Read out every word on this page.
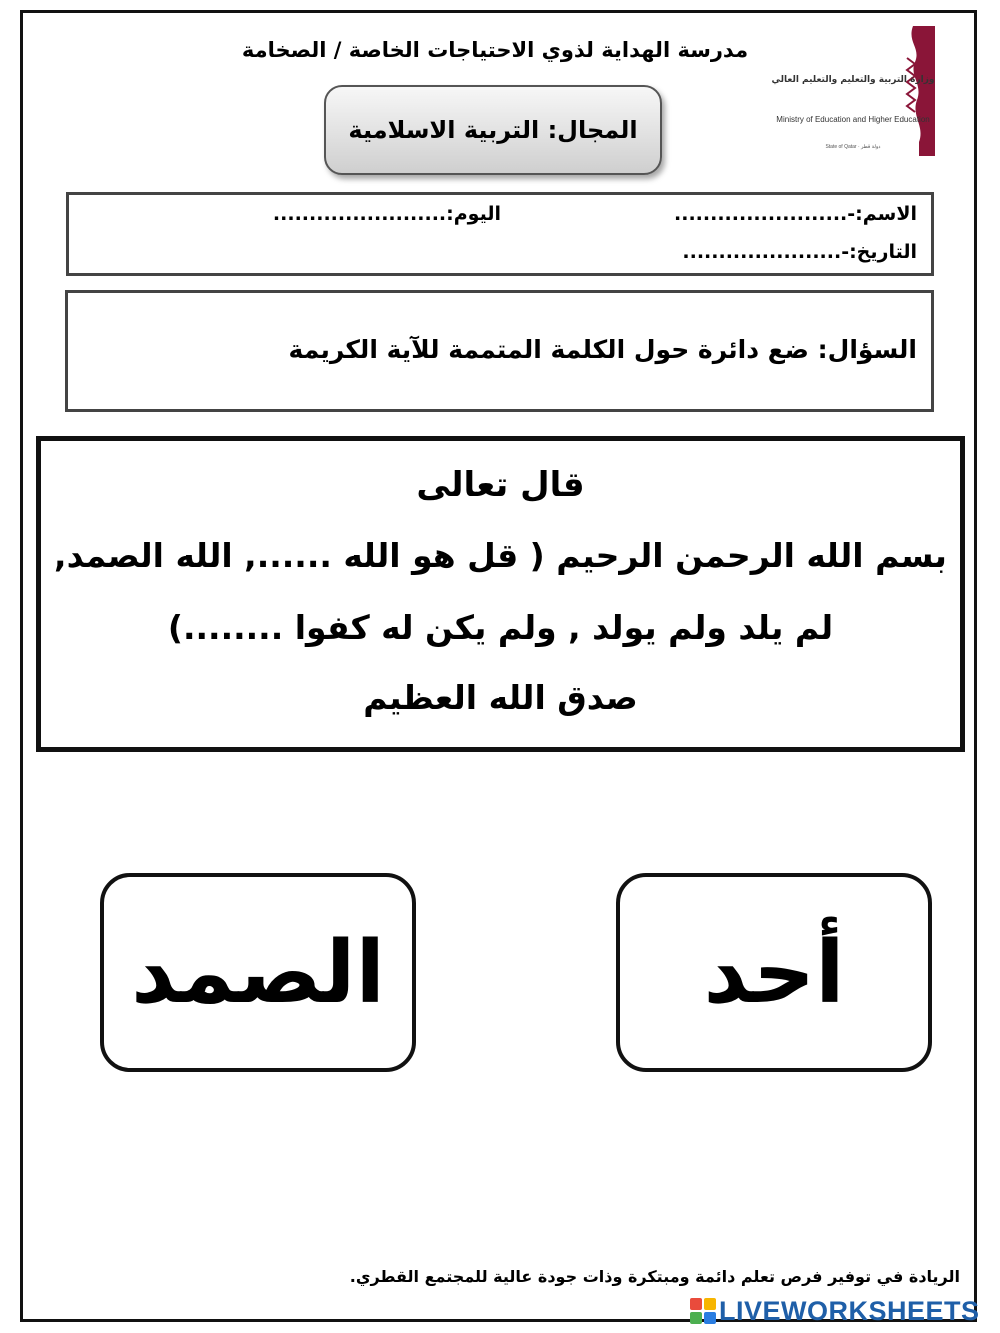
مدرسة الهداية لذوي الاحتياجات الخاصة / الصخامة
وزارة التربية والتعليم والتعليم العالي
Ministry of Education and Higher Education
State of Qatar · دولة قطر
المجال: التربية الاسلامية
الاسم:-........................
اليوم:........................
التاريخ:-......................
السؤال: ضع دائرة حول الكلمة المتممة للآية الكريمة
قال تعالى
بسم الله الرحمن الرحيم ( قل هو الله ......, الله الصمد,
لم يلد ولم يولد , ولم يكن له كفوا ........)
صدق الله العظيم
الصمد	أحد
الريادة في توفير فرص تعلم دائمة ومبتكرة وذات جودة عالية للمجتمع القطري.
LIVEWORKSHEETS
